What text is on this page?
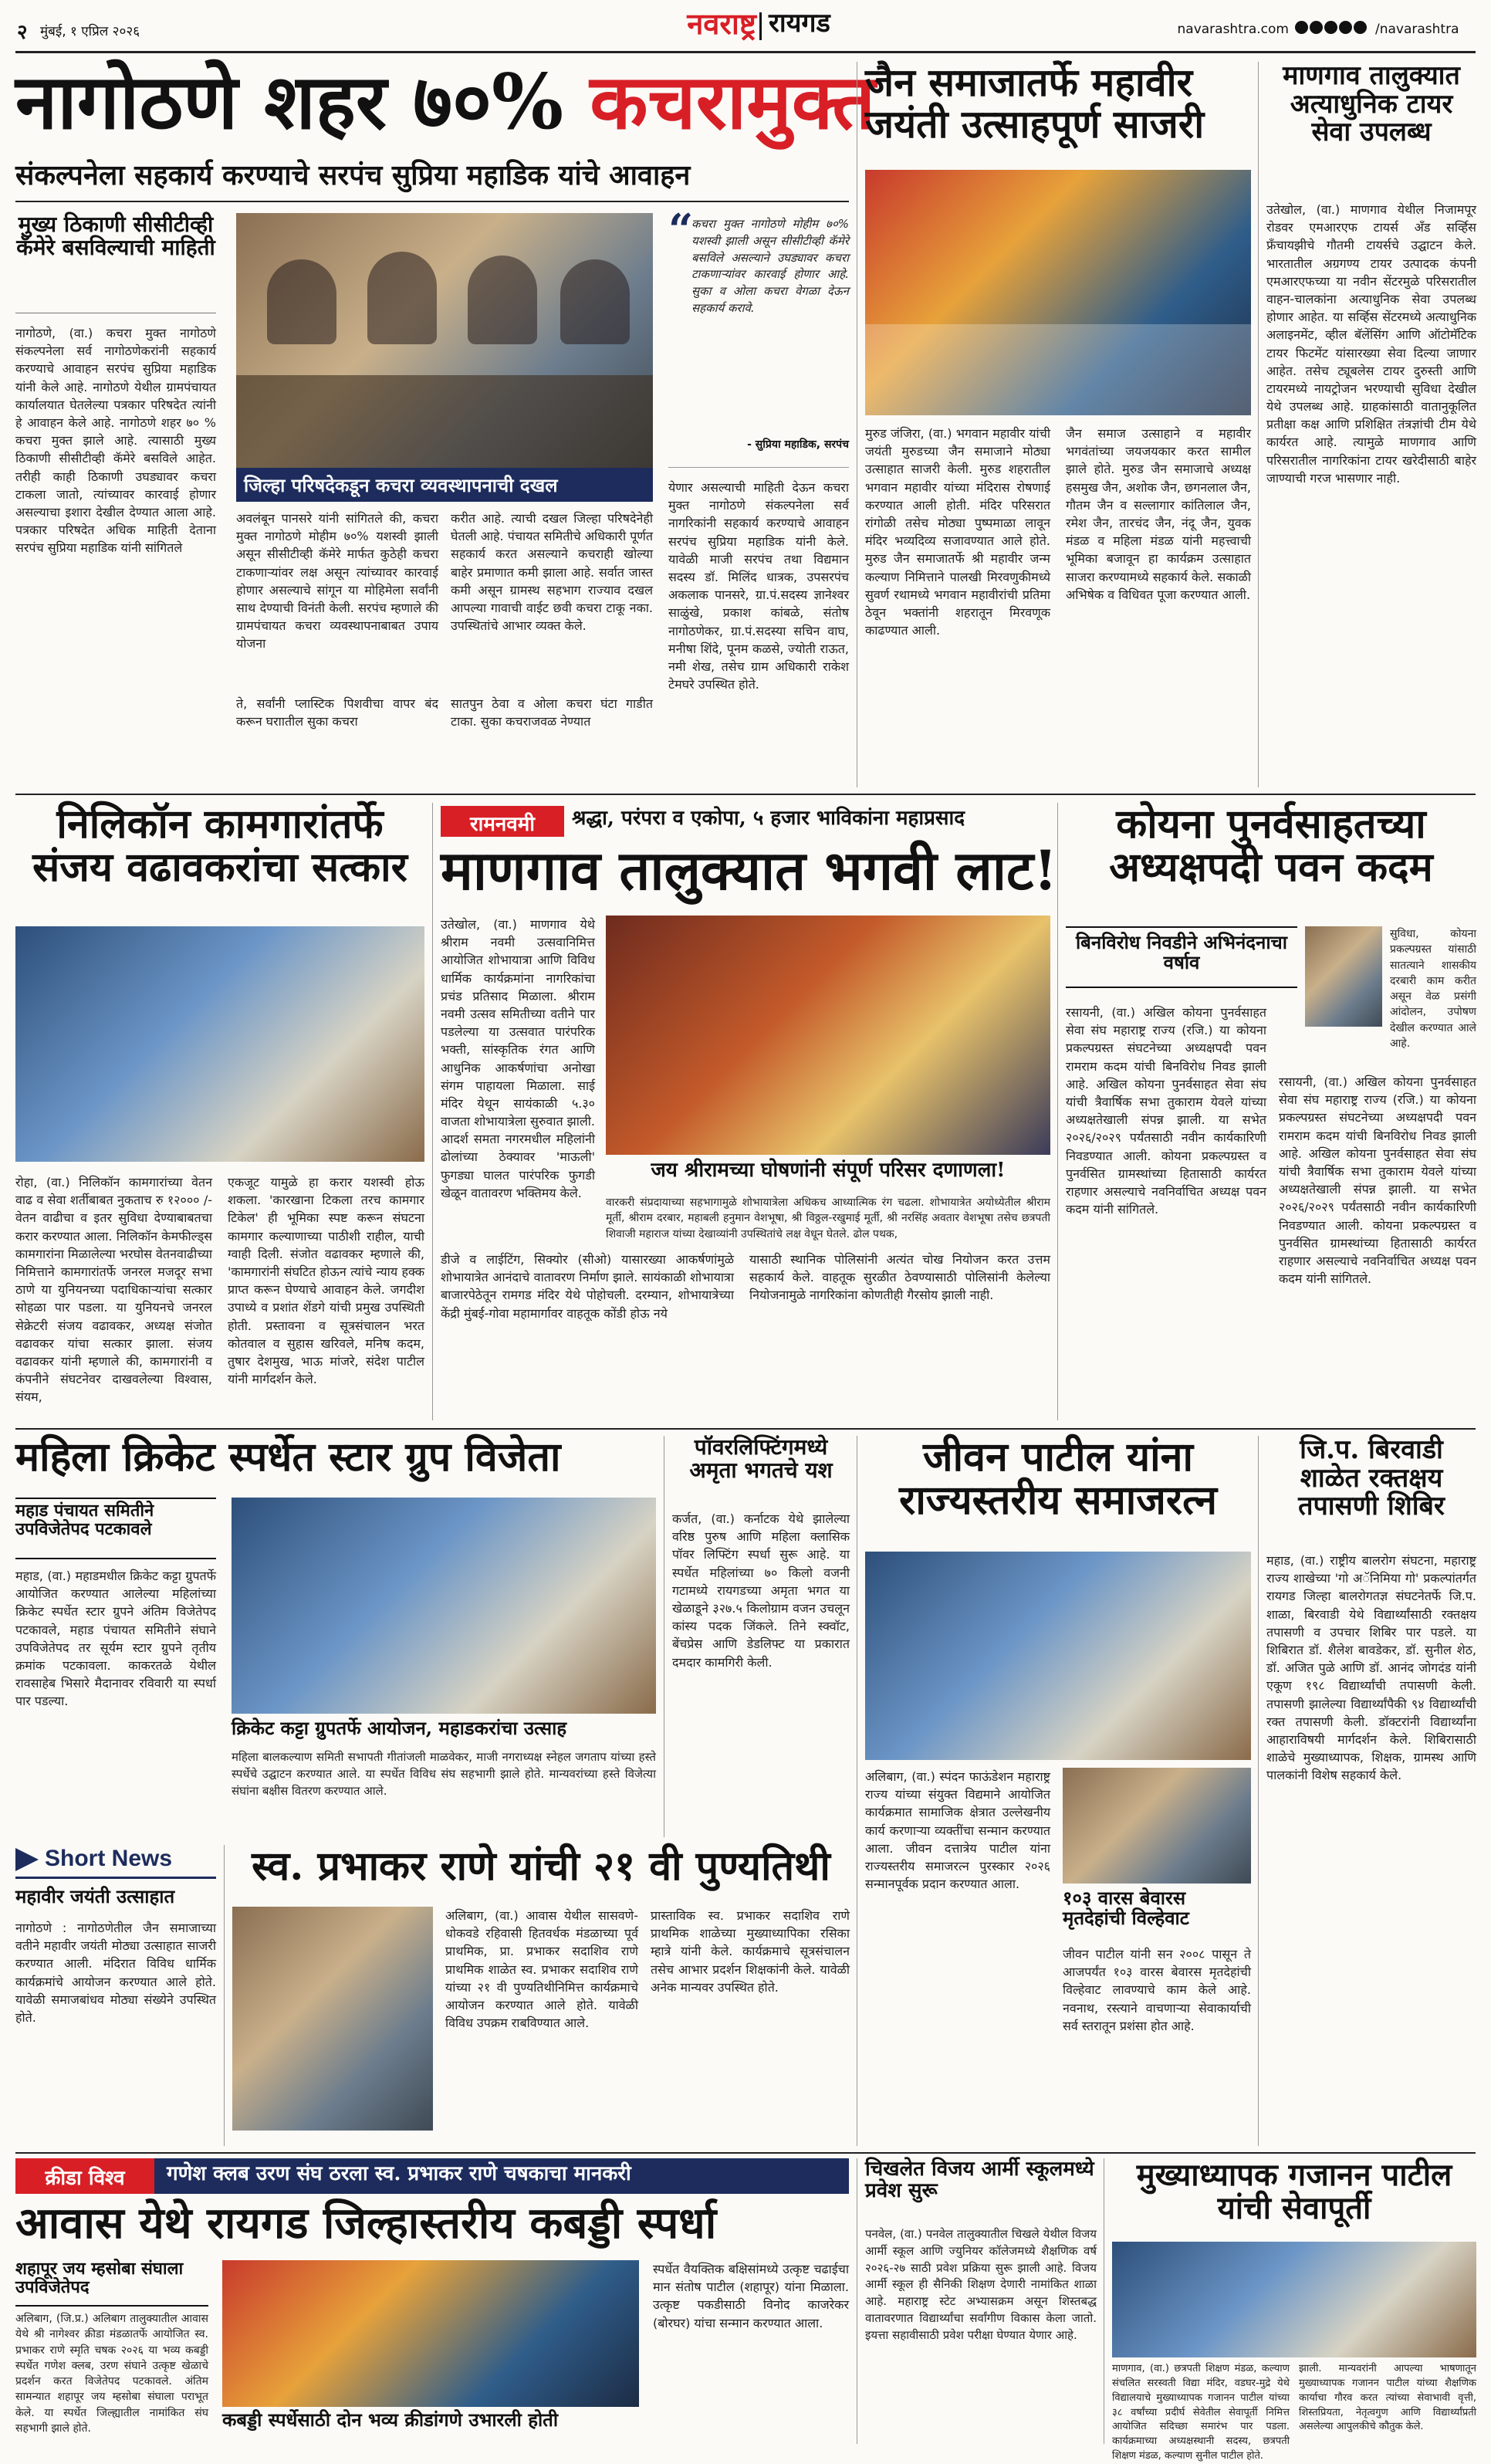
२ मुंबई, १ एप्रिल २०२६	नवराष्ट्र रायगड	navarashtra.com	/navarashtra
नागोठणे शहर ७०% कचरामुक्त
संकल्पनेला सहकार्य करण्याचे सरपंच सुप्रिया महाडिक यांचे आवाहन
मुख्य ठिकाणी सीसीटीव्ही कॅमेरे बसविल्याची माहिती
नागोठणे, (वा.) कचरा मुक्त नागोठणे संकल्पनेला सर्व नागोठणेकरांनी सहकार्य करण्याचे आवाहन सरपंच सुप्रिया महाडिक यांनी केले आहे. नागोठणे येथील ग्रामपंचायत कार्यालयात घेतलेल्या पत्रकार परिषदेत त्यांनी हे आवाहन केले आहे. नागोठणे शहर ७० % कचरा मुक्त झाले आहे. त्यासाठी मुख्य ठिकाणी सीसीटीव्ही कॅमेरे बसविले आहेत. तरीही काही ठिकाणी उघड्यावर कचरा टाकला जातो, त्यांच्यावर कारवाई होणार असल्याचा इशारा देखील देण्यात आला आहे. पत्रकार परिषदेत अधिक माहिती देताना सरपंच सुप्रिया महाडिक यांनी सांगितले
जिल्हा परिषदेकडून कचरा व्यवस्थापनाची दखल
अवलंबून पानसरे यांनी सांगितले की, कचरा मुक्त नागोठणे मोहीम ७०% यशस्वी झाली असून सीसीटीव्ही कॅमेरे मार्फत कुठेही कचरा टाकणाऱ्यांवर लक्ष असून त्यांच्यावर कारवाई होणार असल्याचे सांगून या मोहिमेला सर्वांनी साथ देण्याची विनंती केली. सरपंच म्हणाले की ग्रामपंचायत कचरा व्यवस्थापनाबाबत उपाय योजना
करीत आहे. त्याची दखल जिल्हा परिषदेनेही घेतली आहे. पंचायत समितीचे अधिकारी पूर्णत सहकार्य करत असल्याने कचराही खोल्या बाहेर प्रमाणात कमी झाला आहे. सर्वात जास्त कमी असून ग्रामस्थ सहभाग राज्याव दखल आपल्या गावाची वाईट छवी कचरा टाकू नका. उपस्थितांचे आभार व्यक्त केले.
ते, सर्वांनी प्लास्टिक पिशवीचा वापर बंद करून घराातील सुका कचरा
सातपुन ठेवा व ओला कचरा घंटा गाडीत टाका. सुका कचराजवळ नेण्यात
“
कचरा मुक्त नागोठणे मोहीम ७०% यशस्वी झाली असून सीसीटीव्ही कॅमेरे बसविले असल्याने उघड्यावर कचरा टाकणाऱ्यांवर कारवाई होणार आहे. सुका व ओला कचरा वेगळा देऊन सहकार्य करावे.
- सुप्रिया महाडिक, सरपंच
येणार असल्याची माहिती देऊन कचरा मुक्त नागोठणे संकल्पनेला सर्व नागरिकांनी सहकार्य करण्याचे आवाहन सरपंच सुप्रिया महाडिक यांनी केले. यावेळी माजी सरपंच तथा विद्यमान सदस्य डॉ. मिलिंद धात्रक, उपसरपंच अकलाक पानसरे, ग्रा.पं.सदस्य ज्ञानेश्वर साळुंखे, प्रकाश कांबळे, संतोष नागोठणेकर, ग्रा.पं.सदस्या सचिन वाघ, मनीषा शिंदे, पूनम कळसे, ज्योती राऊत, नमी शेख, तसेच ग्राम अधिकारी राकेश टेमघरे उपस्थित होते.
जैन समाजातर्फे महावीर जयंती उत्साहपूर्ण साजरी
मुरुड जंजिरा, (वा.) भगवान महावीर यांची जयंती मुरुडच्या जैन समाजाने मोठ्या उत्साहात साजरी केली. मुरुड शहरातील भगवान महावीर यांच्या मंदिरास रोषणाई करण्यात आली होती. मंदिर परिसरात रांगोळी तसेच मोठ्या पुष्पमाळा लावून मंदिर भव्यदिव्य सजावण्यात आले होते. मुरुड जैन समाजातर्फे श्री महावीर जन्म कल्याण निमित्ताने पालखी मिरवणुकीमध्ये सुवर्ण रथामध्ये भगवान महावीरांची प्रतिमा ठेवून भक्तांनी शहरातून मिरवणूक काढण्यात आली.
जैन समाज उत्साहाने व महावीर भगवंतांच्या जयजयकार करत सामील झाले होते. मुरुड जैन समाजाचे अध्यक्ष हसमुख जैन, अशोक जैन, छगनलाल जैन, गौतम जैन व सल्लागार कांतिलाल जैन, रमेश जैन, तारचंद जैन, नंदू जैन, युवक मंडळ व महिला मंडळ यांनी महत्त्वाची भूमिका बजावून हा कार्यक्रम उत्साहात साजरा करण्यामध्ये सहकार्य केले. सकाळी अभिषेक व विधिवत पूजा करण्यात आली.
माणगाव तालुक्यात अत्याधुनिक टायर सेवा उपलब्ध
उतेखोल, (वा.) माणगाव येथील निजामपूर रोडवर एमआरएफ टायर्स अँड सर्व्हिस फ्रँचायझीचे गौतमी टायर्सचे उद्घाटन केले. भारतातील अग्रगण्य टायर उत्पादक कंपनी एमआरएफच्या या नवीन सेंटरमुळे परिसरातील वाहन-चालकांना अत्याधुनिक सेवा उपलब्ध होणार आहेत. या सर्व्हिस सेंटरमध्ये अत्याधुनिक अलाइनमेंट, व्हील बॅलेंसिंग आणि ऑटोमॅटिक टायर फिटमेंट यांसारख्या सेवा दिल्या जाणार आहेत. तसेच ट्यूबलेस टायर दुरुस्ती आणि टायरमध्ये नायट्रोजन भरण्याची सुविधा देखील येथे उपलब्ध आहे. ग्राहकांसाठी वातानुकूलित प्रतीक्षा कक्ष आणि प्रशिक्षित तंत्रज्ञांची टीम येथे कार्यरत आहे. त्यामुळे माणगाव आणि परिसरातील नागरिकांना टायर खरेदीसाठी बाहेर जाण्याची गरज भासणार नाही.
निलिकॉन कामगारांतर्फे संजय वढावकरांचा सत्कार
रोहा, (वा.) निलिकॉन कामगारांच्या वेतन वाढ व सेवा शर्तीबाबत नुकताच रु १२००० /- वेतन वाढीचा व इतर सुविधा देण्याबाबतचा करार करण्यात आला. निलिकॉन केमफील्ड्स कामगारांना मिळालेल्या भरघोस वेतनवाढीच्या निमित्ताने कामगारांतर्फे जनरल मजदूर सभा ठाणे या युनियनच्या पदाधिकाऱ्यांचा सत्कार सोहळा पार पडला. या युनियनचे जनरल सेक्रेटरी संजय वढावकर, अध्यक्ष संजोत वढावकर यांचा सत्कार झाला. संजय वढावकर यांनी म्हणाले की, कामगारांनी व कंपनीने संघटनेवर दाखवलेल्या विश्वास, संयम,
एकजूट यामुळे हा करार यशस्वी होऊ शकला. 'कारखाना टिकला तरच कामगार टिकेल' ही भूमिका स्पष्ट करून संघटना कामगार कल्याणाच्या पाठीशी राहील, याची ग्वाही दिली. संजोत वढावकर म्हणाले की, 'कामगारांनी संघटित होऊन त्यांचे न्याय हक्क प्राप्त करून घेण्याचे आवाहन केले. जगदीश उपाध्ये व प्रशांत शेंडगे यांची प्रमुख उपस्थिती होती. प्रस्तावना व सूत्रसंचालन भरत कोतवाल व सुहास खरिवले, मनिष कदम, तुषार देशमुख, भाऊ मांजरे, संदेश पाटील यांनी मार्गदर्शन केले.
रामनवमी	श्रद्धा, परंपरा व एकोपा, ५ हजार भाविकांना महाप्रसाद
माणगाव तालुक्यात भगवी लाट!
उतेखोल, (वा.) माणगाव येथे श्रीराम नवमी उत्सवानिमित्त आयोजित शोभायात्रा आणि विविध धार्मिक कार्यक्रमांना नागरिकांचा प्रचंड प्रतिसाद मिळाला. श्रीराम नवमी उत्सव समितीच्या वतीने पार पडलेल्या या उत्सवात पारंपरिक भक्ती, सांस्कृतिक रंगत आणि आधुनिक आकर्षणांचा अनोखा संगम पाहायला मिळाला. साई मंदिर येथून सायंकाळी ५.३० वाजता शोभायात्रेला सुरुवात झाली. आदर्श समता नगरमधील महिलांनी ढोलांच्या ठेक्यावर 'माऊली' फुगड्या घालत पारंपरिक फुगडी खेळून वातावरण भक्तिमय केले.
जय श्रीरामच्या घोषणांनी संपूर्ण परिसर दणाणला!
वारकरी संप्रदायाच्या सहभागामुळे शोभायात्रेला अधिकच आध्यात्मिक रंग चढला. शोभायात्रेत अयोध्येतील श्रीराम मूर्ती, श्रीराम दरबार, महाबली हनुमान वेशभूषा, श्री विठ्ठल-रखुमाई मूर्ती, श्री नरसिंह अवतार वेशभूषा तसेच छत्रपती शिवाजी महाराज यांच्या देखाव्यांनी उपस्थितांचे लक्ष वेधून घेतले. ढोल पथक,
डीजे व लाईटिंग, सिक्योर (सीओ) यासारख्या आकर्षणांमुळे शोभायात्रेत आनंदाचे वातावरण निर्माण झाले. सायंकाळी शोभायात्रा बाजारपेठेतून रामगड मंदिर येथे पोहोचली. दरम्यान, शोभायात्रेच्या केंद्री मुंबई-गोवा महामार्गावर वाहतूक कोंडी होऊ नये
यासाठी स्थानिक पोलिसांनी अत्यंत चोख नियोजन करत उत्तम सहकार्य केले. वाहतूक सुरळीत ठेवण्यासाठी पोलिसांनी केलेल्या नियोजनामुळे नागरिकांना कोणतीही गैरसोय झाली नाही.
कोयना पुनर्वसाहतच्या अध्यक्षपदी पवन कदम
बिनविरोध निवडीने अभिनंदनाचा वर्षाव
सुविधा, कोयना प्रकल्पग्रस्त यांसाठी सातत्याने शासकीय दरबारी काम करीत असून वेळ प्रसंगी आंदोलन, उपोषण देखील करण्यात आले आहे.
रसायनी, (वा.) अखिल कोयना पुनर्वसाहत सेवा संघ महाराष्ट्र राज्य (रजि.) या कोयना प्रकल्पग्रस्त संघटनेच्या अध्यक्षपदी पवन रामराम कदम यांची बिनविरोध निवड झाली आहे. अखिल कोयना पुनर्वसाहत सेवा संघ यांची त्रैवार्षिक सभा तुकाराम येवले यांच्या अध्यक्षतेखाली संपन्न झाली. या सभेत २०२६/२०२९ पर्यंतसाठी नवीन कार्यकारिणी निवडण्यात आली. कोयना प्रकल्पग्रस्त व पुनर्वसित ग्रामस्थांच्या हितासाठी कार्यरत राहणार असल्याचे नवनिर्वाचित अध्यक्ष पवन कदम यांनी सांगितले.
रसायनी, (वा.) अखिल कोयना पुनर्वसाहत सेवा संघ महाराष्ट्र राज्य (रजि.) या कोयना प्रकल्पग्रस्त संघटनेच्या अध्यक्षपदी पवन रामराम कदम यांची बिनविरोध निवड झाली आहे. अखिल कोयना पुनर्वसाहत सेवा संघ यांची त्रैवार्षिक सभा तुकाराम येवले यांच्या अध्यक्षतेखाली संपन्न झाली. या सभेत २०२६/२०२९ पर्यंतसाठी नवीन कार्यकारिणी निवडण्यात आली. कोयना प्रकल्पग्रस्त व पुनर्वसित ग्रामस्थांच्या हितासाठी कार्यरत राहणार असल्याचे नवनिर्वाचित अध्यक्ष पवन कदम यांनी सांगितले.
महिला क्रिकेट स्पर्धेत स्टार ग्रुप विजेता
महाड पंचायत समितीने उपविजेतेपद पटकावले
महाड, (वा.) महाडमधील क्रिकेट कट्टा ग्रुपतर्फे आयोजित करण्यात आलेल्या महिलांच्या क्रिकेट स्पर्धेत स्टार ग्रुपने अंतिम विजेतेपद पटकावले, महाड पंचायत समितीने संघाने उपविजेतेपद तर सूर्यम स्टार ग्रुपने तृतीय क्रमांक पटकावला. काकरतळे येथील रावसाहेब भिसारे मैदानावर रविवारी या स्पर्धा पार पडल्या.
क्रिकेट कट्टा ग्रुपतर्फे आयोजन, महाडकरांचा उत्साह
महिला बालकल्याण समिती सभापती गीतांजली माळवेकर, माजी नगराध्यक्ष स्नेहल जगताप यांच्या हस्ते स्पर्धेचे उद्घाटन करण्यात आले. या स्पर्धेत विविध संघ सहभागी झाले होते. मान्यवरांच्या हस्ते विजेत्या संघांना बक्षीस वितरण करण्यात आले.
पॉवरलिफ्टिंगमध्ये अमृता भगतचे यश
कर्जत, (वा.) कर्नाटक येथे झालेल्या वरिष्ठ पुरुष आणि महिला क्लासिक पॉवर लिफ्टिंग स्पर्धा सुरू आहे. या स्पर्धेत महिलांच्या ७० किलो वजनी गटामध्ये रायगडच्या अमृता भगत या खेळाडूने ३२७.५ किलोग्राम वजन उचलून कांस्य पदक जिंकले. तिने स्क्वॉट, बेंचप्रेस आणि डेडलिफ्ट या प्रकारात दमदार कामगिरी केली.
जीवन पाटील यांना राज्यस्तरीय समाजरत्न
अलिबाग, (वा.) स्पंदन फाऊंडेशन महाराष्ट्र राज्य यांच्या संयुक्त विद्यमाने आयोजित कार्यक्रमात सामाजिक क्षेत्रात उल्लेखनीय कार्य करणाऱ्या व्यक्तींचा सन्मान करण्यात आला. जीवन दत्तात्रेय पाटील यांना राज्यस्तरीय समाजरत्न पुरस्कार २०२६ सन्मानपूर्वक प्रदान करण्यात आला.
१०३ वारस बेवारस मृतदेहांची विल्हेवाट
जीवन पाटील यांनी सन २००८ पासून ते आजपर्यंत १०३ वारस बेवारस मृतदेहांची विल्हेवाट लावण्याचे काम केले आहे. नवनाथ, रस्त्याने वाचणाऱ्या सेवाकार्याची सर्व स्तरातून प्रशंसा होत आहे.
जि.प. बिरवाडी शाळेत रक्तक्षय तपासणी शिबिर
महाड, (वा.) राष्ट्रीय बालरोग संघटना, महाराष्ट्र राज्य शाखेच्या 'गो अॅनिमिया गो' प्रकल्पांतर्गत रायगड जिल्हा बालरोगतज्ञ संघटनेतर्फे जि.प. शाळा, बिरवाडी येथे विद्यार्थ्यांसाठी रक्तक्षय तपासणी व उपचार शिबिर पार पडले. या शिबिरात डॉ. शैलेश बावडेकर, डॉ. सुनील शेठ, डॉ. अजित पुळे आणि डॉ. आनंद जोगदंड यांनी एकूण १९८ विद्यार्थ्यांची तपासणी केली. तपासणी झालेल्या विद्यार्थ्यांपैकी ९४ विद्यार्थ्यांची रक्त तपासणी केली. डॉक्टरांनी विद्यार्थ्यांना आहाराविषयी मार्गदर्शन केले. शिबिरासाठी शाळेचे मुख्याध्यापक, शिक्षक, ग्रामस्थ आणि पालकांनी विशेष सहकार्य केले.
Short News
महावीर जयंती उत्साहात
नागोठणे : नागोठणेतील जैन समाजाच्या वतीने महावीर जयंती मोठ्या उत्साहात साजरी करण्यात आली. मंदिरात विविध धार्मिक कार्यक्रमांचे आयोजन करण्यात आले होते. यावेळी समाजबांधव मोठ्या संख्येने उपस्थित होते.
स्व. प्रभाकर राणे यांची २१ वी पुण्यतिथी
अलिबाग, (वा.) आवास येथील सासवणे-धोकवडे रहिवासी हितवर्धक मंडळाच्या पूर्व प्राथमिक, प्रा. प्रभाकर सदाशिव राणे प्राथमिक शाळेत स्व. प्रभाकर सदाशिव राणे यांच्या २१ वी पुण्यतिथीनिमित्त कार्यक्रमाचे आयोजन करण्यात आले होते. यावेळी विविध उपक्रम राबविण्यात आले.
प्रास्ताविक स्व. प्रभाकर सदाशिव राणे प्राथमिक शाळेच्या मुख्याध्यापिका रसिका म्हात्रे यांनी केले. कार्यक्रमाचे सूत्रसंचालन तसेच आभार प्रदर्शन शिक्षकांनी केले. यावेळी अनेक मान्यवर उपस्थित होते.
क्रीडा विश्व	गणेश क्लब उरण संघ ठरला स्व. प्रभाकर राणे चषकाचा मानकरी
आवास येथे रायगड जिल्हास्तरीय कबड्डी स्पर्धा
शहापूर जय म्हसोबा संघाला उपविजेतेपद
अलिबाग, (जि.प्र.) अलिबाग तालुक्यातील आवास येथे श्री नागेश्वर क्रीडा मंडळातर्फे आयोजित स्व. प्रभाकर राणे स्मृति चषक २०२६ या भव्य कबड्डी स्पर्धेत गणेश क्लब, उरण संघाने उत्कृष्ट खेळाचे प्रदर्शन करत विजेतेपद पटकावले. अंतिम सामन्यात शहापूर जय म्हसोबा संघाला पराभूत केले. या स्पर्धेत जिल्ह्यातील नामांकित संघ सहभागी झाले होते.	कबड्डी स्पर्धेसाठी दोन भव्य क्रीडांगणे उभारली होती
स्पर्धेत वैयक्तिक बक्षिसांमध्ये उत्कृष्ट चढाईचा मान संतोष पाटील (शहापूर) यांना मिळाला. उत्कृष्ट पकडीसाठी विनोद काजरेकर (बोरघर) यांचा सन्मान करण्यात आला.
चिखलेत विजय आर्मी स्कूलमध्ये प्रवेश सुरू
पनवेल, (वा.) पनवेल तालुक्यातील चिखले येथील विजय आर्मी स्कूल आणि ज्युनियर कॉलेजमध्ये शैक्षणिक वर्ष २०२६-२७ साठी प्रवेश प्रक्रिया सुरू झाली आहे. विजय आर्मी स्कूल ही सैनिकी शिक्षण देणारी नामांकित शाळा आहे. महाराष्ट्र स्टेट अभ्यासक्रम असून शिस्तबद्ध वातावरणात विद्यार्थ्यांचा सर्वांगीण विकास केला जातो. इयत्ता सहावीसाठी प्रवेश परीक्षा घेण्यात येणार आहे.
मुख्याध्यापक गजानन पाटील यांची सेवापूर्ती
माणगाव, (वा.) छत्रपती शिक्षण मंडळ, कल्याण संचलित सरस्वती विद्या मंदिर, वडघर-मुद्रे येथे विद्यालयाचे मुख्याध्यापक गजानन पाटील यांच्या ३८ वर्षांच्या प्रदीर्घ सेवेतील सेवापूर्ती निमित्त आयोजित सदिच्छा समारंभ पार पडला. कार्यक्रमाच्या अध्यक्षस्थानी सदस्य, छत्रपती शिक्षण मंडळ, कल्याण सुनील पाटील होते.
झाली. मान्यवरांनी आपल्या भाषणातून मुख्याध्यापक गजानन पाटील यांच्या शैक्षणिक कार्याचा गौरव करत त्यांच्या सेवाभावी वृत्ती, शिस्तप्रियता, नेतृत्वगुण आणि विद्यार्थ्यांप्रती असलेल्या आपुलकीचे कौतुक केले.
